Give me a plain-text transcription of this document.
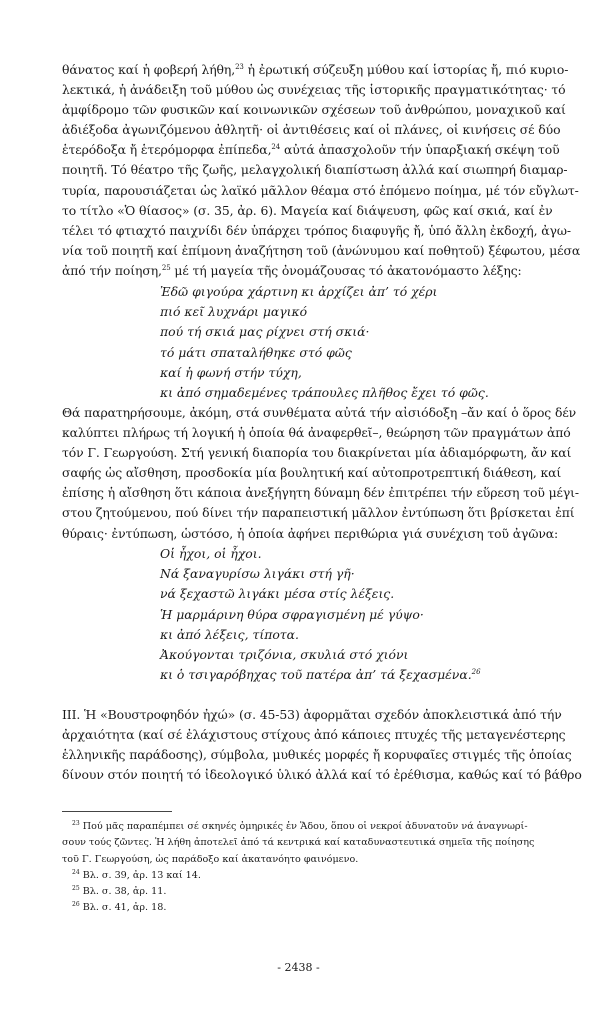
θάνατος καί ἡ φοβερή λήθη,$^{23}$ ἡ ἐρωτική σύζευξη μύθου καί ἱστορίας ἤ, πιό κυριο-
λεκτικά, ἡ ἀνάδειξη τοῦ μύθου ὡς συνέχειας τῆς ἱστορικῆς πραγματικότητας· τό
ἀμφίδρομο τῶν φυσικῶν καί κοινωνικῶν σχέσεων τοῦ ἀνθρώπου, μοναχικοῦ καί
ἀδιέξοδα ἀγωνιζόμενου ἀθλητῆ· οἱ ἀντιθέσεις καί οἱ πλάνες, οἱ κινήσεις σέ δύο
ἑτερόδοξα ἤ ἑτερόμορφα ἐπίπεδα,$^{24}$ αὐτά ἀπασχολοῦν τήν ὑπαρξιακή σκέψη τοῦ
ποιητῆ. Τό θέατρο τῆς ζωῆς, μελαγχολική διαπίστωση ἀλλά καί σιωπηρή διαμαρ-
τυρία, παρουσιάζεται ὡς λαϊκό μᾶλλον θέαμα στό ἑπόμενο ποίημα, μέ τόν εὔγλωτ-
το τίτλο «Ὁ θίασος» (σ. 35, ἀρ. 6). Μαγεία καί διάψευση, φῶς καί σκιά, καί ἐν
τέλει τό φτιαχτό παιχνίδι δέν ὑπάρχει τρόπος διαφυγῆς ἤ, ὑπό ἄλλη ἐκδοχή, ἀγω-
νία τοῦ ποιητῆ καί ἐπίμονη ἀναζήτηση τοῦ (ἀνώνυμου καί ποθητοῦ) ξέφωτου, μέσα
ἀπό τήν ποίηση,$^{25}$ μέ τή μαγεία τῆς ὀνομάζουσας τό ἀκατονόμαστο λέξης:
Ἐδῶ φιγούρα χάρτινη κι ἀρχίζει ἀπ’ τό χέρι
πιό κεῖ λυχνάρι μαγικό
πού τή σκιά μας ρίχνει στή σκιά·
τό μάτι σπαταλήθηκε στό φῶς
καί ἡ φωνή στήν τύχη,
κι ἀπό σημαδεμένες τράπουλες πλῆθος ἔχει τό φῶς.
Θά παρατηρήσουμε, ἀκόμη, στά συνθέματα αὐτά τήν αἰσιόδοξη –ἄν καί ὁ ὅρος δέν
καλύπτει πλήρως τή λογική ἡ ὁποία θά ἀναφερθεῖ–, θεώρηση τῶν πραγμάτων ἀπό
τόν Γ. Γεωργούση. Στή γενική διαπορία του διακρίνεται μία ἀδιαμόρφωτη, ἄν καί
σαφής ὡς αἴσθηση, προσδοκία μία βουλητική καί αὐτοπροτρεπτική διάθεση, καί
ἐπίσης ἡ αἴσθηση ὅτι κάποια ἀνεξήγητη δύναμη δέν ἐπιτρέπει τήν εὕρεση τοῦ μέγι-
στου ζητούμενου, πού δίνει τήν παραπειστική μᾶλλον ἐντύπωση ὅτι βρίσκεται ἐπί
θύραις· ἐντύπωση, ὡστόσο, ἡ ὁποία ἀφήνει περιθώρια γιά συνέχιση τοῦ ἀγῶνα:
Οἱ ἦχοι, οἱ ἦχοι.
Νά ξαναγυρίσω λιγάκι στή γῆ·
νά ξεχαστῶ λιγάκι μέσα στίς λέξεις.
Ἡ μαρμάρινη θύρα σφραγισμένη μέ γύψο·
κι ἀπό λέξεις, τίποτα.
Ἀκούγονται τριζόνια, σκυλιά στό χιόνι
κι ὁ τσιγαρόβηχας τοῦ πατέρα ἀπ’ τά ξεχασμένα.$^{26}$
ΙΙΙ. Ἡ «Βουστροφηδόν ἠχώ» (σ. 45-53) ἀφορμᾶται σχεδόν ἀποκλειστικά ἀπό τήν
ἀρχαιότητα (καί σέ ἐλάχιστους στίχους ἀπό κάποιες πτυχές τῆς μεταγενέστερης
ἑλληνικῆς παράδοσης), σύμβολα, μυθικές μορφές ἤ κορυφαῖες στιγμές τῆς ὁποίας
δίνουν στόν ποιητή τό ἰδεολογικό ὑλικό ἀλλά καί τό ἐρέθισμα, καθώς καί τό βάθρο
$^{23}$ Πού μᾶς παραπέμπει σέ σκηνές ὁμηρικές ἐν Ἅδου, ὅπου οἱ νεκροί ἀδυνατοῦν νά ἀναγνωρί-
σουν τούς ζῶντες. Ἡ λήθη ἀποτελεῖ ἀπό τά κεντρικά καί καταδυναστευτικά σημεῖα τῆς ποίησης
τοῦ Γ. Γεωργούση, ὡς παράδοξο καί ἀκατανόητο φαινόμενο.
$^{24}$ Βλ. σ. 39, ἀρ. 13 καί 14.
$^{25}$ Βλ. σ. 38, ἀρ. 11.
$^{26}$ Βλ. σ. 41, ἀρ. 18.
- 2438 -
